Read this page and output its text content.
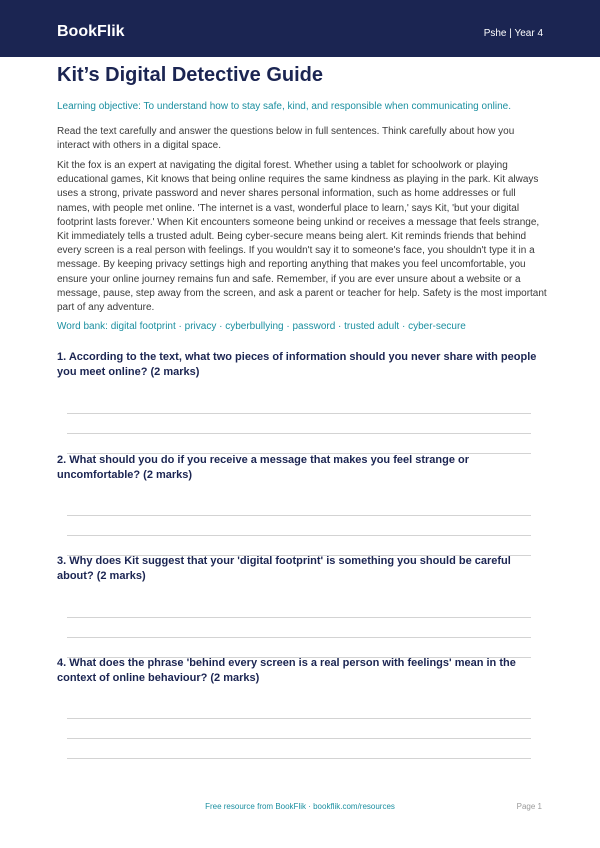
BookFlik	Pshe | Year 4
Kit’s Digital Detective Guide
Learning objective: To understand how to stay safe, kind, and responsible when communicating online.
Read the text carefully and answer the questions below in full sentences. Think carefully about how you interact with others in a digital space.
Kit the fox is an expert at navigating the digital forest. Whether using a tablet for schoolwork or playing educational games, Kit knows that being online requires the same kindness as playing in the park. Kit always uses a strong, private password and never shares personal information, such as home addresses or full names, with people met online. 'The internet is a vast, wonderful place to learn,' says Kit, 'but your digital footprint lasts forever.' When Kit encounters someone being unkind or receives a message that feels strange, Kit immediately tells a trusted adult. Being cyber-secure means being alert. Kit reminds friends that behind every screen is a real person with feelings. If you wouldn't say it to someone's face, you shouldn't type it in a message. By keeping privacy settings high and reporting anything that makes you feel uncomfortable, you ensure your online journey remains fun and safe. Remember, if you are ever unsure about a website or a message, pause, step away from the screen, and ask a parent or teacher for help. Safety is the most important part of any adventure.
Word bank: digital footprint · privacy · cyberbullying · password · trusted adult · cyber-secure
1. According to the text, what two pieces of information should you never share with people you meet online? (2 marks)
2. What should you do if you receive a message that makes you feel strange or uncomfortable? (2 marks)
3. Why does Kit suggest that your 'digital footprint' is something you should be careful about? (2 marks)
4. What does the phrase 'behind every screen is a real person with feelings' mean in the context of online behaviour? (2 marks)
Free resource from BookFlik · bookflik.com/resources	Page 1
